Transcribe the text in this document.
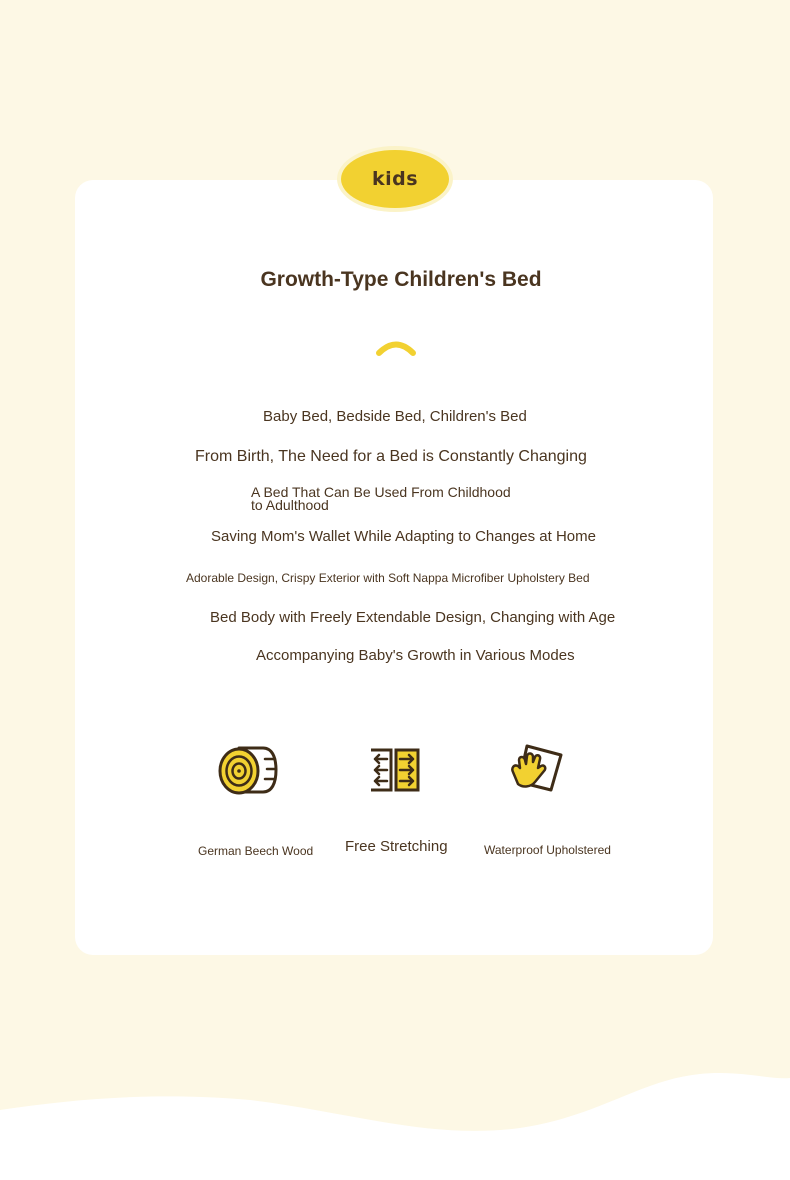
kids
Growth-Type Children's Bed
Baby Bed, Bedside Bed, Children's Bed
From Birth, The Need for a Bed is Constantly Changing
A Bed That Can Be Used From Childhood
to Adulthood
Saving Mom's Wallet While Adapting to Changes at Home
Adorable Design, Crispy Exterior with Soft Nappa Microfiber Upholstery Bed
Bed Body with Freely Extendable Design, Changing with Age
Accompanying Baby's Growth in Various Modes
German Beech Wood Free Stretching	Waterproof Upholstered
